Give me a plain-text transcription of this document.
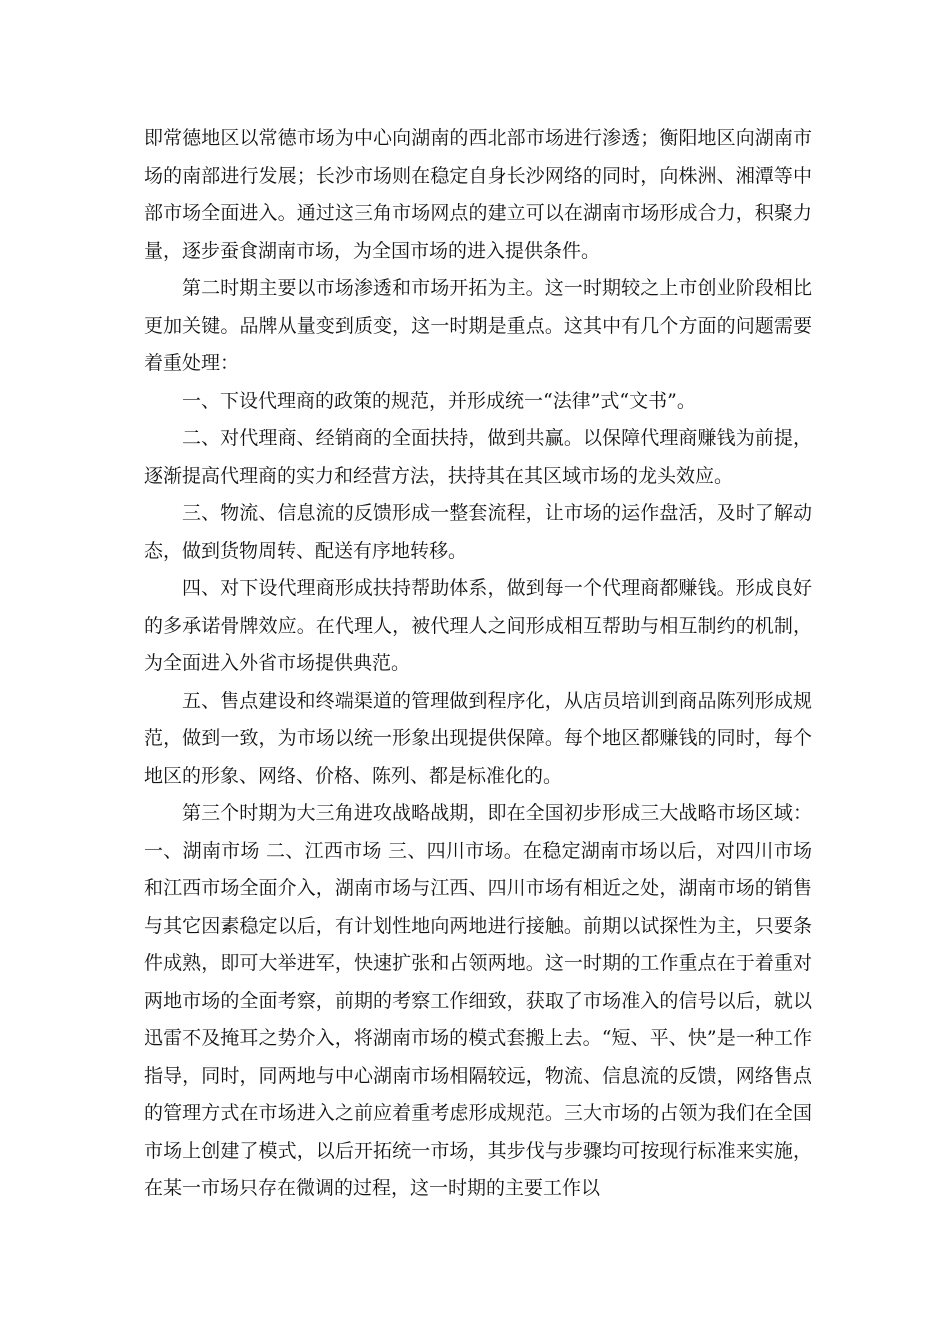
即常德地区以常德市场为中心向湖南的西北部市场进行渗透；衡阳地区向湖南市场的南部进行发展；长沙市场则在稳定自身长沙网络的同时，向株洲、湘潭等中部市场全面进入。通过这三角市场网点的建立可以在湖南市场形成合力，积聚力量，逐步蚕食湖南市场，为全国市场的进入提供条件。

第二时期主要以市场渗透和市场开拓为主。这一时期较之上市创业阶段相比更加关键。品牌从量变到质变，这一时期是重点。这其中有几个方面的问题需要着重处理：

一、下设代理商的政策的规范，并形成统一“法律”式“文书”。

二、对代理商、经销商的全面扶持，做到共赢。以保障代理商赚钱为前提，逐渐提高代理商的实力和经营方法，扶持其在其区域市场的龙头效应。

三、物流、信息流的反馈形成一整套流程，让市场的运作盘活，及时了解动态，做到货物周转、配送有序地转移。

四、对下设代理商形成扶持帮助体系，做到每一个代理商都赚钱。形成良好的多承诺骨牌效应。在代理人，被代理人之间形成相互帮助与相互制约的机制，为全面进入外省市场提供典范。

五、售点建设和终端渠道的管理做到程序化，从店员培训到商品陈列形成规范，做到一致，为市场以统一形象出现提供保障。每个地区都赚钱的同时，每个地区的形象、网络、价格、陈列、都是标准化的。

第三个时期为大三角进攻战略战期，即在全国初步形成三大战略市场区域：一、湖南市场 二、江西市场 三、四川市场。在稳定湖南市场以后，对四川市场和江西市场全面介入，湖南市场与江西、四川市场有相近之处，湖南市场的销售与其它因素稳定以后，有计划性地向两地进行接触。前期以试探性为主，只要条件成熟，即可大举进军，快速扩张和占领两地。这一时期的工作重点在于着重对两地市场的全面考察，前期的考察工作细致，获取了市场准入的信号以后，就以迅雷不及掩耳之势介入，将湖南市场的模式套搬上去。“短、平、快”是一种工作指导，同时，同两地与中心湖南市场相隔较远，物流、信息流的反馈，网络售点的管理方式在市场进入之前应着重考虑形成规范。三大市场的占领为我们在全国市场上创建了模式，以后开拓统一市场，其步伐与步骤均可按现行标准来实施，在某一市场只存在微调的过程，这一时期的主要工作以
